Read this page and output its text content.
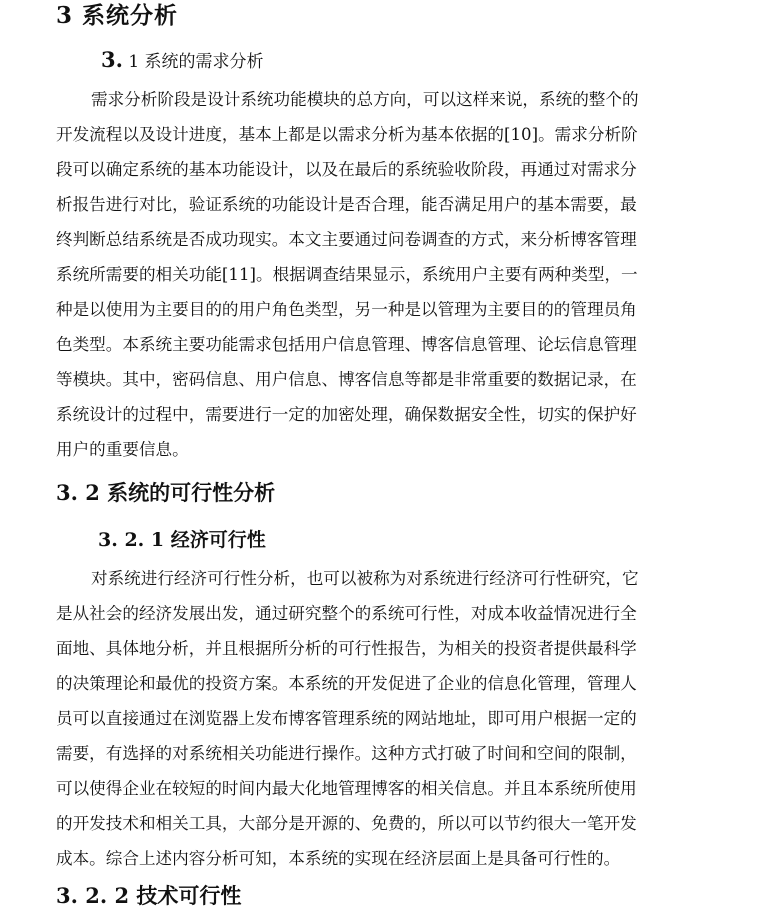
3 系统分析
3. 1 系统的需求分析
需求分析阶段是设计系统功能模块的总方向，可以这样来说，系统的整个的
开发流程以及设计进度，基本上都是以需求分析为基本依据的[10]。需求分析阶
段可以确定系统的基本功能设计，以及在最后的系统验收阶段，再通过对需求分
析报告进行对比，验证系统的功能设计是否合理，能否满足用户的基本需要，最
终判断总结系统是否成功现实。本文主要通过问卷调查的方式，来分析博客管理
系统所需要的相关功能[11]。根据调查结果显示，系统用户主要有两种类型，一
种是以使用为主要目的的用户角色类型，另一种是以管理为主要目的的管理员角
色类型。本系统主要功能需求包括用户信息管理、博客信息管理、论坛信息管理
等模块。其中，密码信息、用户信息、博客信息等都是非常重要的数据记录，在
系统设计的过程中，需要进行一定的加密处理，确保数据安全性，切实的保护好
用户的重要信息。
3. 2 系统的可行性分析
3. 2. 1 经济可行性
对系统进行经济可行性分析，也可以被称为对系统进行经济可行性研究，它
是从社会的经济发展出发，通过研究整个的系统可行性，对成本收益情况进行全
面地、具体地分析，并且根据所分析的可行性报告，为相关的投资者提供最科学
的决策理论和最优的投资方案。本系统的开发促进了企业的信息化管理，管理人
员可以直接通过在浏览器上发布博客管理系统的网站地址，即可用户根据一定的
需要，有选择的对系统相关功能进行操作。这种方式打破了时间和空间的限制，
可以使得企业在较短的时间内最大化地管理博客的相关信息。并且本系统所使用
的开发技术和相关工具，大部分是开源的、免费的，所以可以节约很大一笔开发
成本。综合上述内容分析可知，本系统的实现在经济层面上是具备可行性的。
3. 2. 2 技术可行性
